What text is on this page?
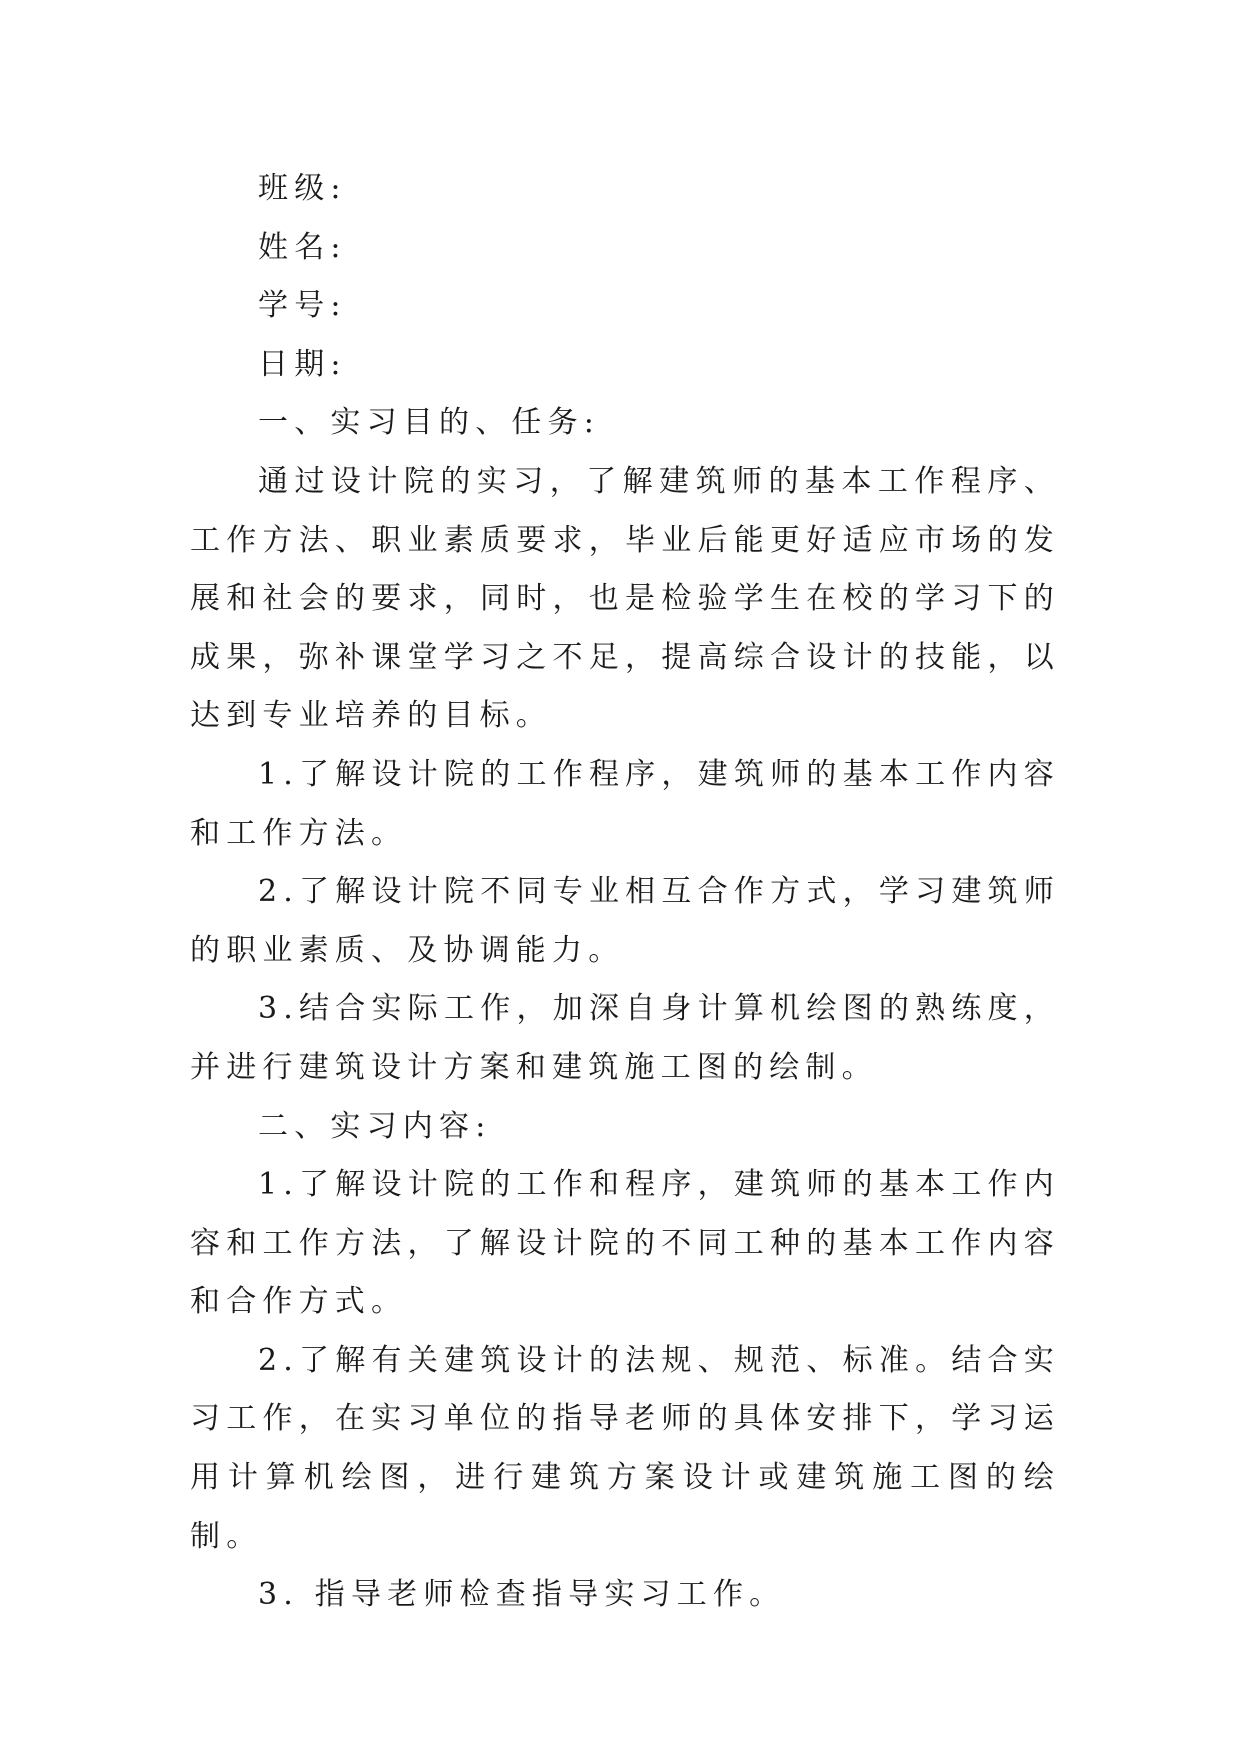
班级:

姓名:

学号:

日期:

一、实习目的、任务:

通过设计院的实习，了解建筑师的基本工作程序、工作方法、职业素质要求，毕业后能更好适应市场的发展和社会的要求，同时，也是检验学生在校的学习下的成果，弥补课堂学习之不足，提高综合设计的技能，以达到专业培养的目标。

1.了解设计院的工作程序，建筑师的基本工作内容和工作方法。

2.了解设计院不同专业相互合作方式，学习建筑师的职业素质、及协调能力。

3.结合实际工作，加深自身计算机绘图的熟练度，并进行建筑设计方案和建筑施工图的绘制。

二、实习内容:

1.了解设计院的工作和程序，建筑师的基本工作内容和工作方法，了解设计院的不同工种的基本工作内容和合作方式。

2.了解有关建筑设计的法规、规范、标准。结合实习工作，在实习单位的指导老师的具体安排下，学习运用计算机绘图，进行建筑方案设计或建筑施工图的绘制。

3. 指导老师检查指导实习工作。
